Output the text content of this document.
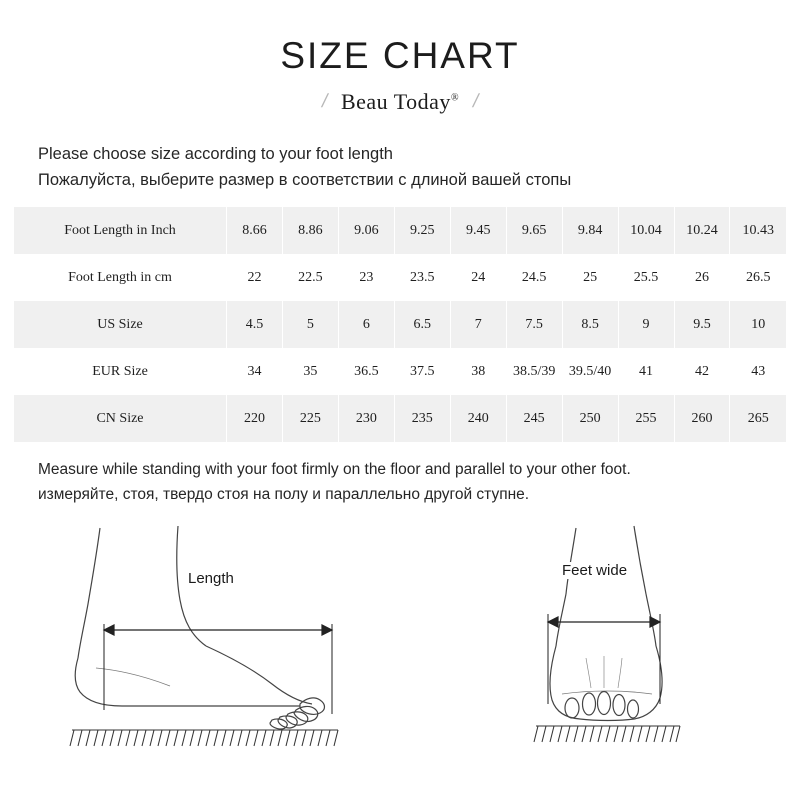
SIZE CHART
/ Beau Today® /
Please choose size according to your foot length
Пожалуйста, выберите размер в соответствии с длиной вашей стопы
Foot Length in Inch	8.66	8.86	9.06	9.25	9.45	9.65	9.84	10.04	10.24	10.43
Foot Length in cm	22	22.5	23	23.5	24	24.5	25	25.5	26	26.5
US Size	4.5	5	6	6.5	7	7.5	8.5	9	9.5	10
EUR Size	34	35	36.5	37.5	38	38.5/39	39.5/40	41	42	43
CN Size	220	225	230	235	240	245	250	255	260	265
Measure while standing with your foot firmly on the floor and parallel to your other foot.
измеряйте, стоя, твердо стоя на полу и параллельно другой ступне.
Length	Feet wide
